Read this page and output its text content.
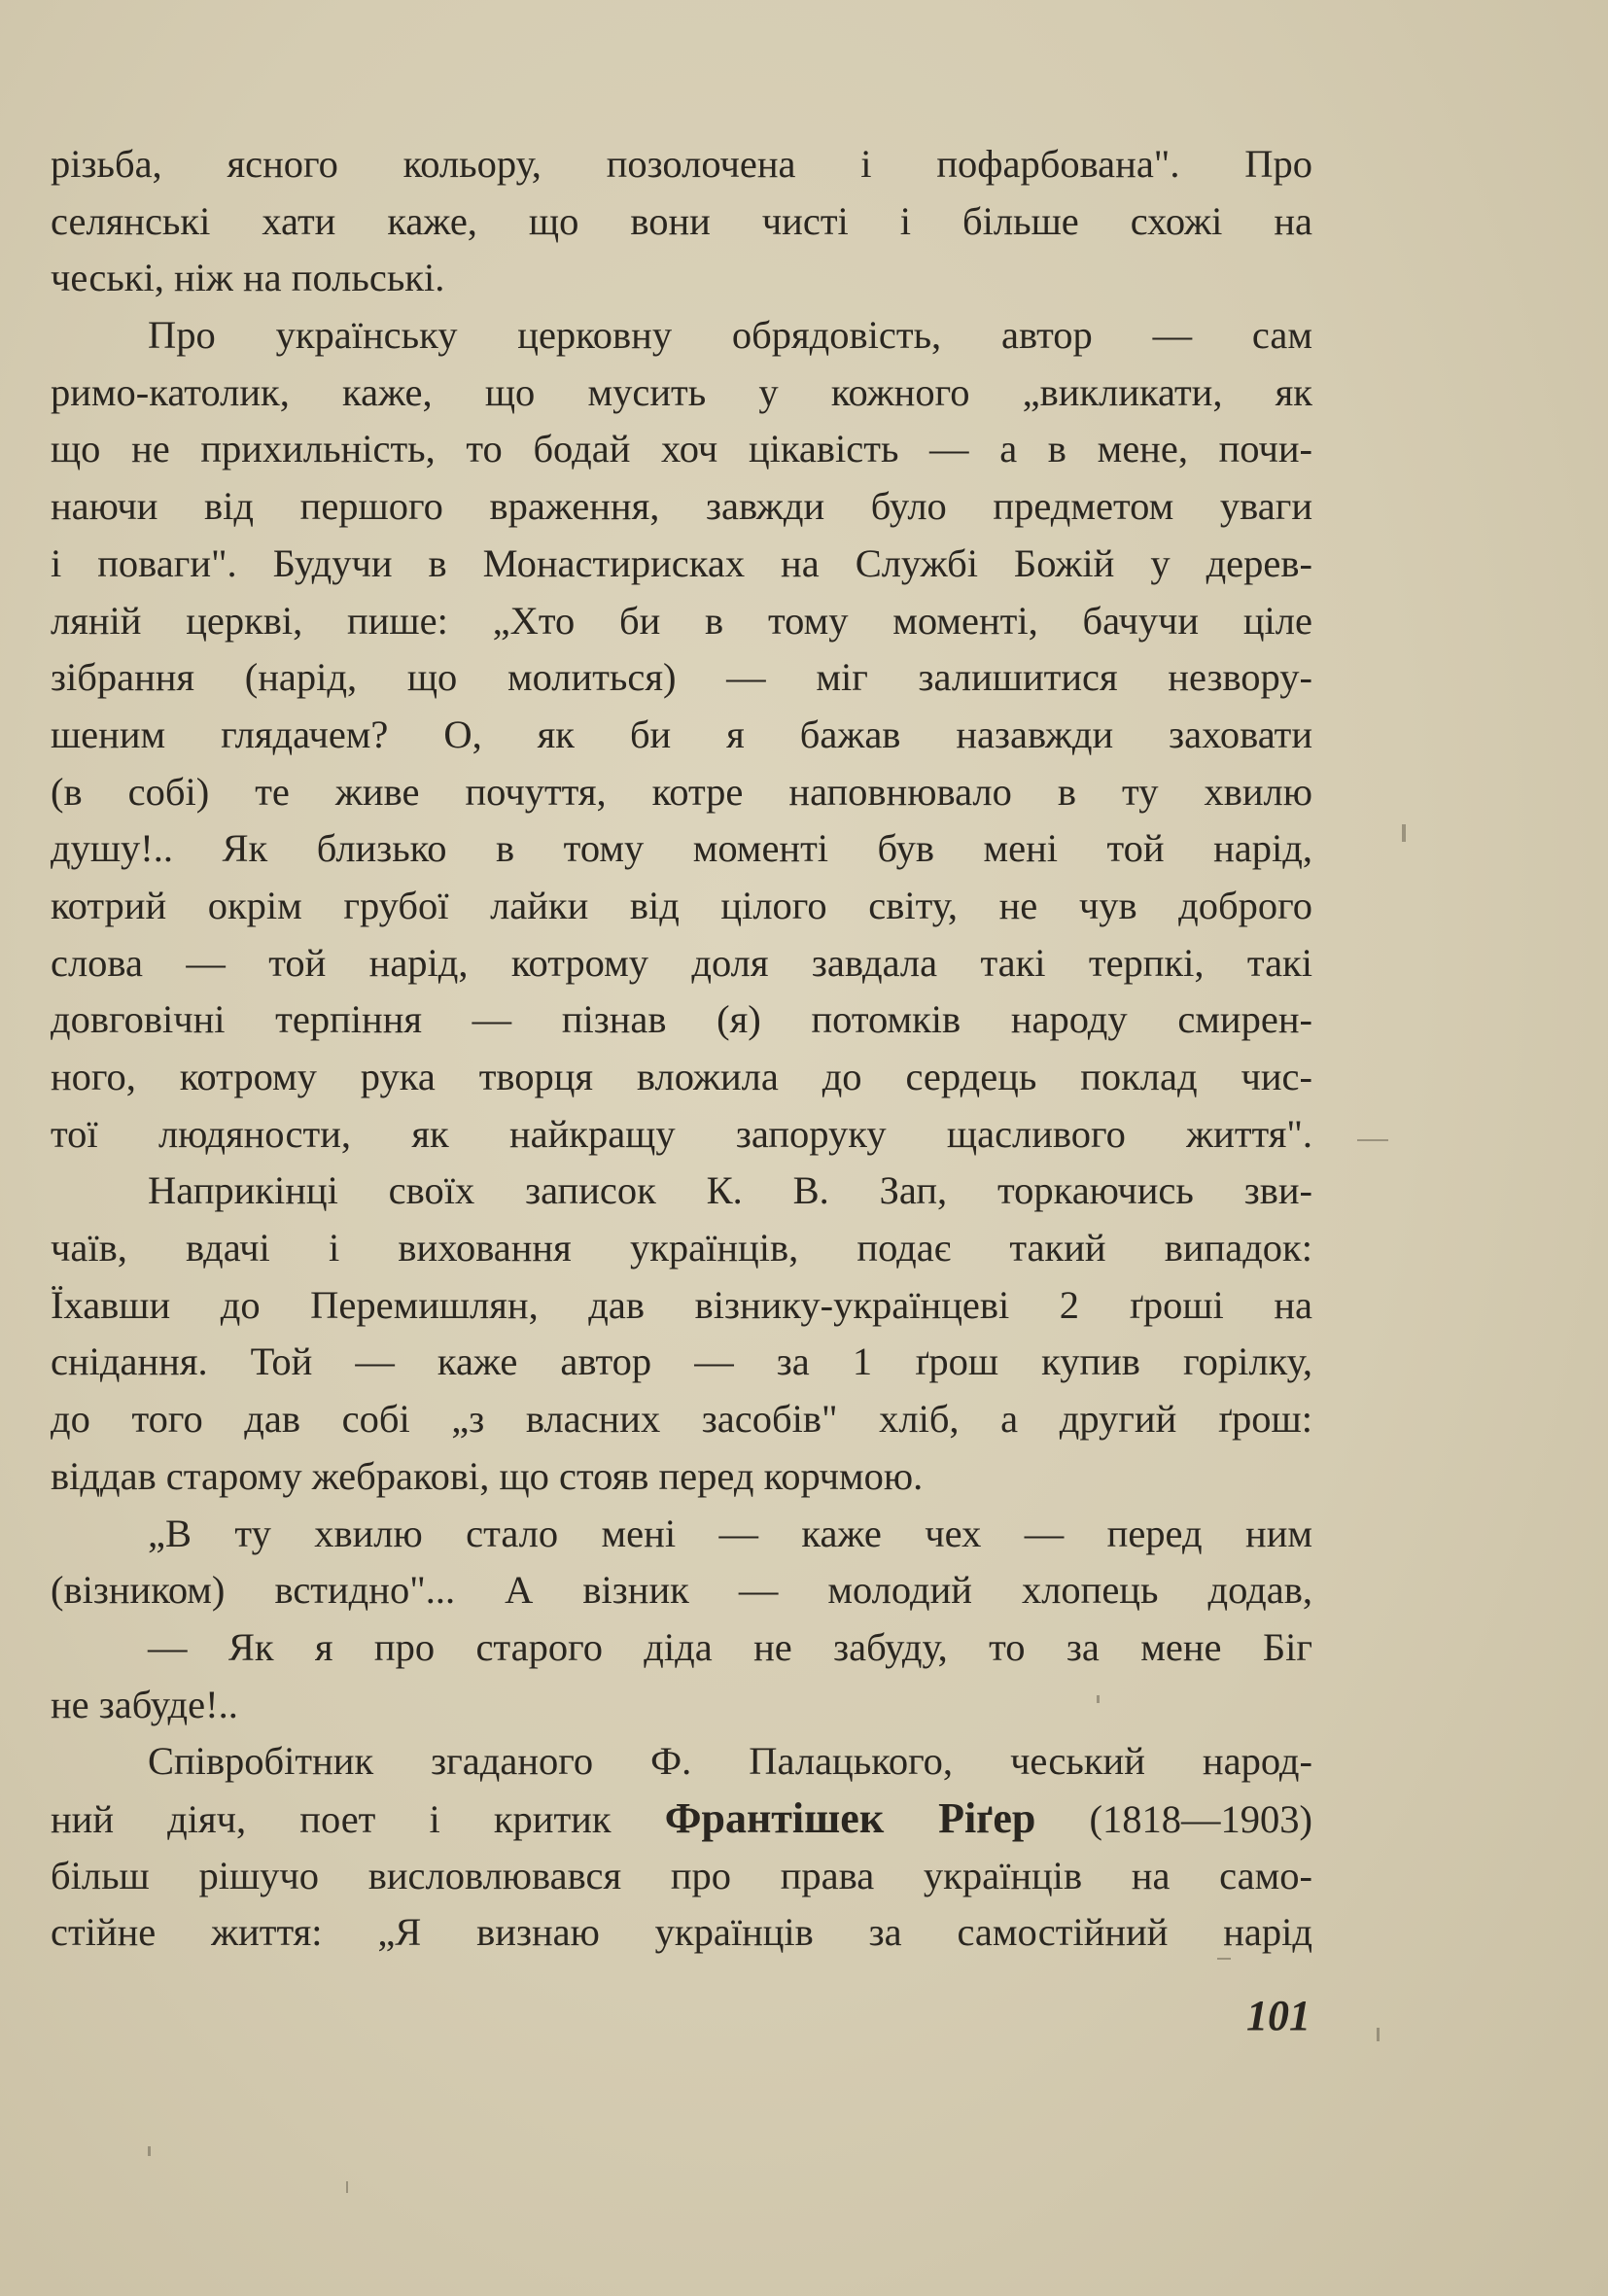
різьба, ясного кольору, позолочена і пофарбована". Про
селянські хати каже, що вони чисті і більше схожі на
чеські, ніж на польські.
Про українську церковну обрядовість, автор — сам
римо-католик, каже, що мусить у кожного „викликати, як
що не прихильність, то бодай хоч цікавість — а в мене, почи-
наючи від першого враження, завжди було предметом уваги
і поваги". Будучи в Монастирисках на Службі Божій у дерев-
ляній церкві, пише: „Хто би в тому моменті, бачучи ціле
зібрання (нарід, що молиться) — міг залишитися незвору-
шеним глядачем? О, як би я бажав назавжди заховати
(в собі) те живе почуття, котре наповнювало в ту хвилю
душу!.. Як близько в тому моменті був мені той нарід,
котрий окрім грубої лайки від цілого світу, не чув доброго
слова — той нарід, котрому доля завдала такі терпкі, такі
довговічні терпіння — пізнав (я) потомків народу смирен-
ного, котрому рука творця вложила до сердець поклад чис-
тої людяности, як найкращу запоруку щасливого життя".
Наприкінці своїх записок К. В. Зап, торкаючись зви-
чаїв, вдачі і виховання українців, подає такий випадок:
Їхавши до Перемишлян, дав візнику-українцеві 2 ґроші на
снідання. Той — каже автор — за 1 ґрош купив горілку,
до того дав собі „з власних засобів" хліб, а другий ґрош:
віддав старому жебракові, що стояв перед корчмою.
„В ту хвилю стало мені — каже чех — перед ним
(візником) встидно"... А візник — молодий хлопець додав,
— Як я про старого діда не забуду, то за мене Біг
не забуде!..
Співробітник згаданого Ф. Палацького, чеський народ-
ний діяч, поет і критик Франтішек Ріґер (1818—1903)
більш рішучо висловлювався про права українців на само-
стійне життя: „Я визнаю українців за самостійний нарід
101
